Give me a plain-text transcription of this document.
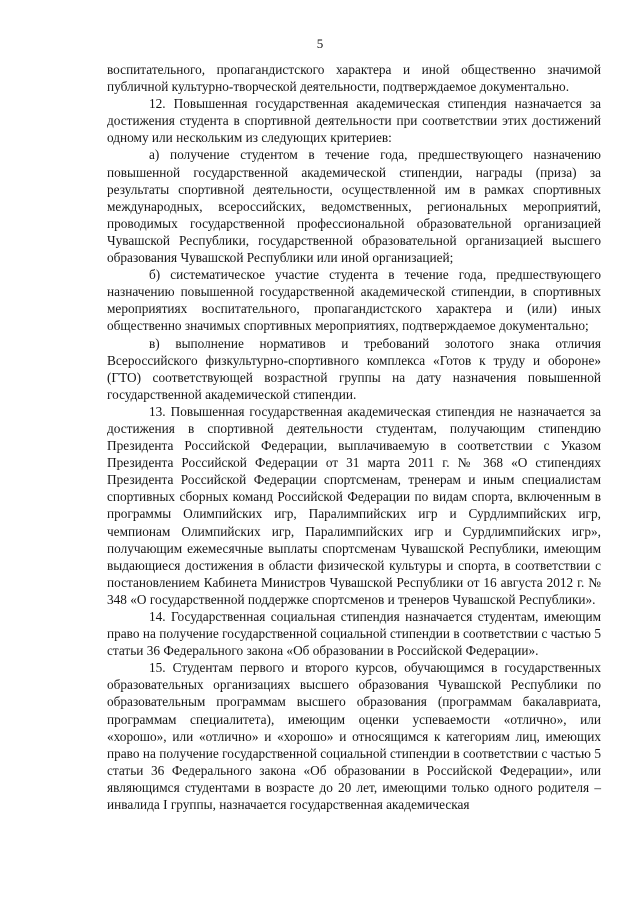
5

воспитательного, пропагандистского характера и иной общественно значимой публичной культурно-творческой деятельности, подтверждаемое документально.

12. Повышенная государственная академическая стипендия назначается за достижения студента в спортивной деятельности при соответствии этих достижений одному или нескольким из следующих критериев:

а) получение студентом в течение года, предшествующего назначению повышенной государственной академической стипендии, награды (приза) за результаты спортивной деятельности, осуществленной им в рамках спортивных международных, всероссийских, ведомственных, региональных мероприятий, проводимых государственной профессиональной образовательной организацией Чувашской Республики, государственной образовательной организацией высшего образования Чувашской Республики или иной организацией;

б) систематическое участие студента в течение года, предшествующего назначению повышенной государственной академической стипендии, в спортивных мероприятиях воспитательного, пропагандистского характера и (или) иных общественно значимых спортивных мероприятиях, подтверждаемое документально;

в) выполнение нормативов и требований золотого знака отличия Всероссийского физкультурно-спортивного комплекса «Готов к труду и обороне» (ГТО) соответствующей возрастной группы на дату назначения повышенной государственной академической стипендии.

13. Повышенная государственная академическая стипендия не назначается за достижения в спортивной деятельности студентам, получающим стипендию Президента Российской Федерации, выплачиваемую в соответствии с Указом Президента Российской Федерации от 31 марта 2011 г. № 368 «О стипендиях Президента Российской Федерации спортсменам, тренерам и иным специалистам спортивных сборных команд Российской Федерации по видам спорта, включенным в программы Олимпийских игр, Паралимпийских игр и Сурдлимпийских игр, чемпионам Олимпийских игр, Паралимпийских игр и Сурдлимпийских игр», получающим ежемесячные выплаты спортсменам Чувашской Республики, имеющим выдающиеся достижения в области физической культуры и спорта, в соответствии с постановлением Кабинета Министров Чувашской Республики от 16 августа 2012 г. № 348 «О государственной поддержке спортсменов и тренеров Чувашской Республики».

14. Государственная социальная стипендия назначается студентам, имеющим право на получение государственной социальной стипендии в соответствии с частью 5 статьи 36 Федерального закона «Об образовании в Российской Федерации».

15. Студентам первого и второго курсов, обучающимся в государственных образовательных организациях высшего образования Чувашской Республики по образовательным программам высшего образования (программам бакалавриата, программам специалитета), имеющим оценки успеваемости «отлично», или «хорошо», или «отлично» и «хорошо» и относящимся к категориям лиц, имеющих право на получение государственной социальной стипендии в соответствии с частью 5 статьи 36 Федерального закона «Об образовании в Российской Федерации», или являющимся студентами в возрасте до 20 лет, имеющими только одного родителя – инвалида I группы, назначается государственная академическая
